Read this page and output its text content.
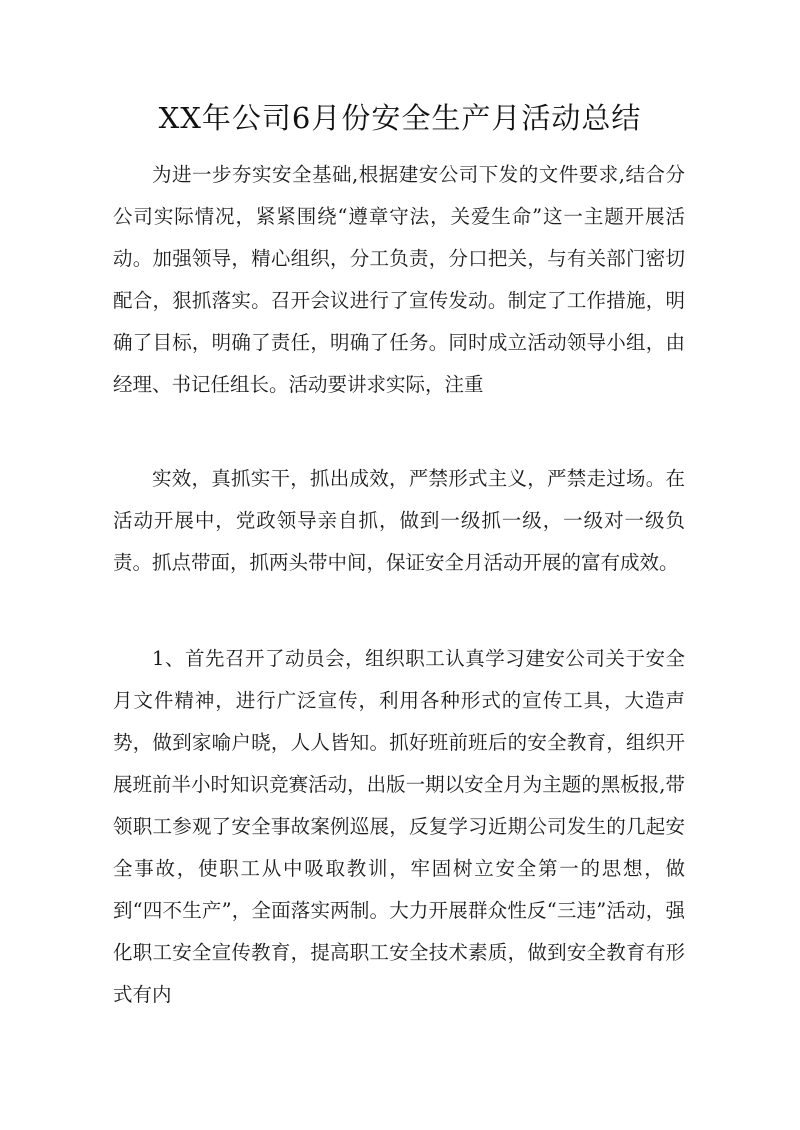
XX年公司6月份安全生产月活动总结

为进一步夯实安全基础,根据建安公司下发的文件要求,结合分公司实际情况，紧紧围绕“遵章守法，关爱生命”这一主题开展活动。加强领导，精心组织，分工负责，分口把关，与有关部门密切配合，狠抓落实。召开会议进行了宣传发动。制定了工作措施，明确了目标，明确了责任，明确了任务。同时成立活动领导小组，由经理、书记任组长。活动要讲求实际，注重

实效，真抓实干，抓出成效，严禁形式主义，严禁走过场。在活动开展中，党政领导亲自抓，做到一级抓一级，一级对一级负责。抓点带面，抓两头带中间，保证安全月活动开展的富有成效。

1、首先召开了动员会，组织职工认真学习建安公司关于安全月文件精神，进行广泛宣传，利用各种形式的宣传工具，大造声势，做到家喻户晓，人人皆知。抓好班前班后的安全教育，组织开展班前半小时知识竞赛活动，出版一期以安全月为主题的黑板报,带领职工参观了安全事故案例巡展，反复学习近期公司发生的几起安全事故，使职工从中吸取教训，牢固树立安全第一的思想，做到“四不生产”，全面落实两制。大力开展群众性反“三违”活动，强化职工安全宣传教育，提高职工安全技术素质，做到安全教育有形式有内
